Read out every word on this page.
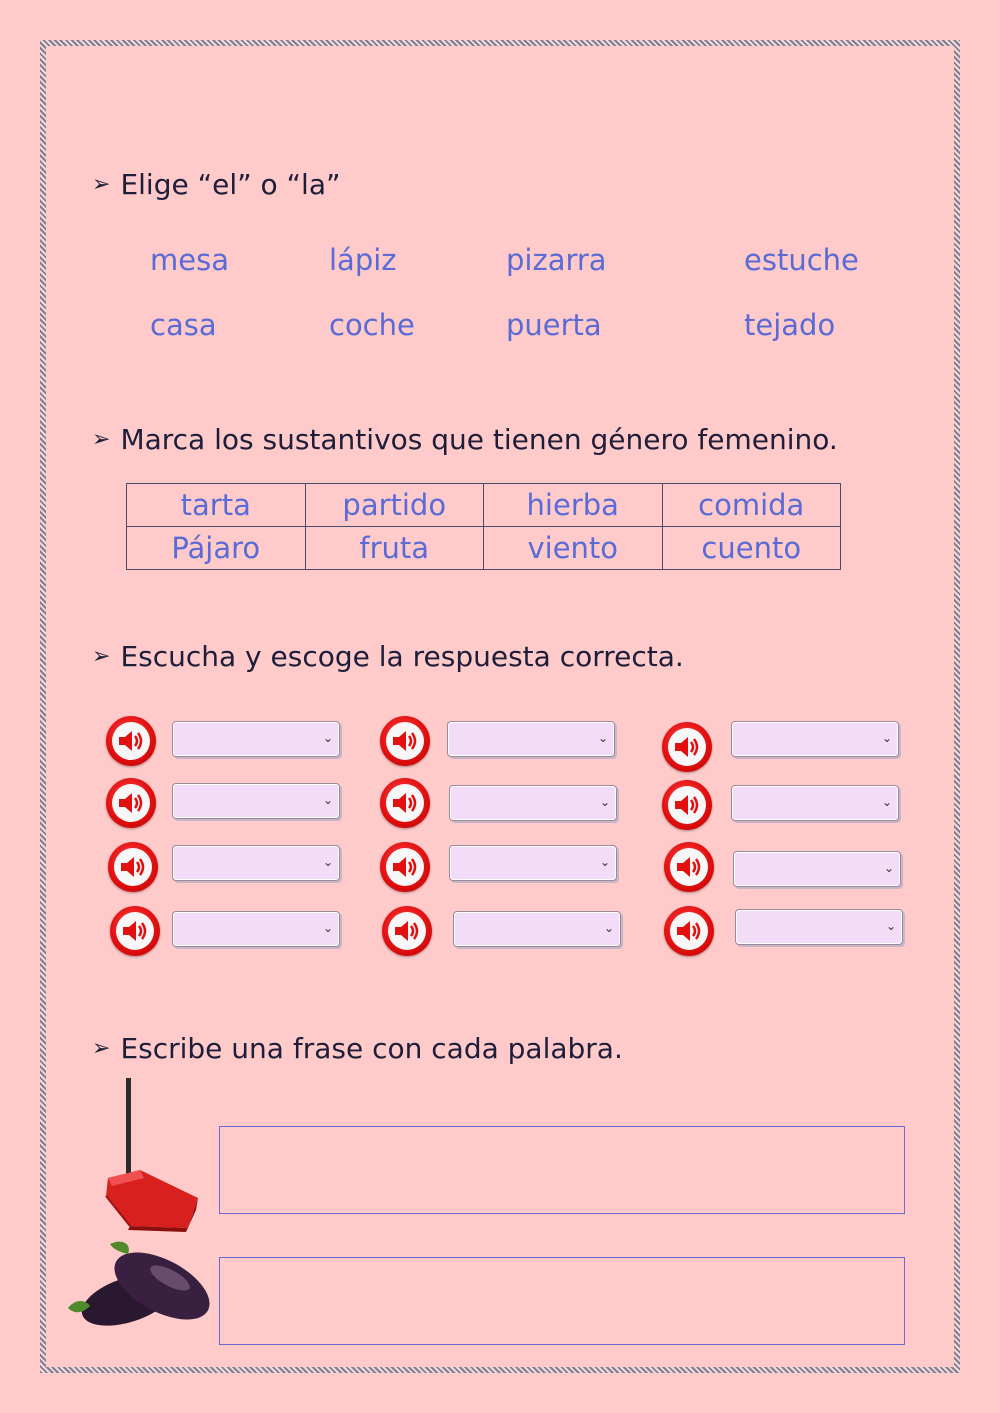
➢ Elige “el” o “la”
mesa	lápiz	pizarra	estuche
casa	coche	puerta	tejado
➢ Marca los sustantivos que tienen género femenino.
tarta	partido	hierba	comida
Pájaro	fruta	viento	cuento
➢ Escucha y escoge la respuesta correcta.
⌄	⌄	⌄
⌄	⌄	⌄
⌄	⌄	⌄
⌄	⌄	⌄
➢ Escribe una frase con cada palabra.
